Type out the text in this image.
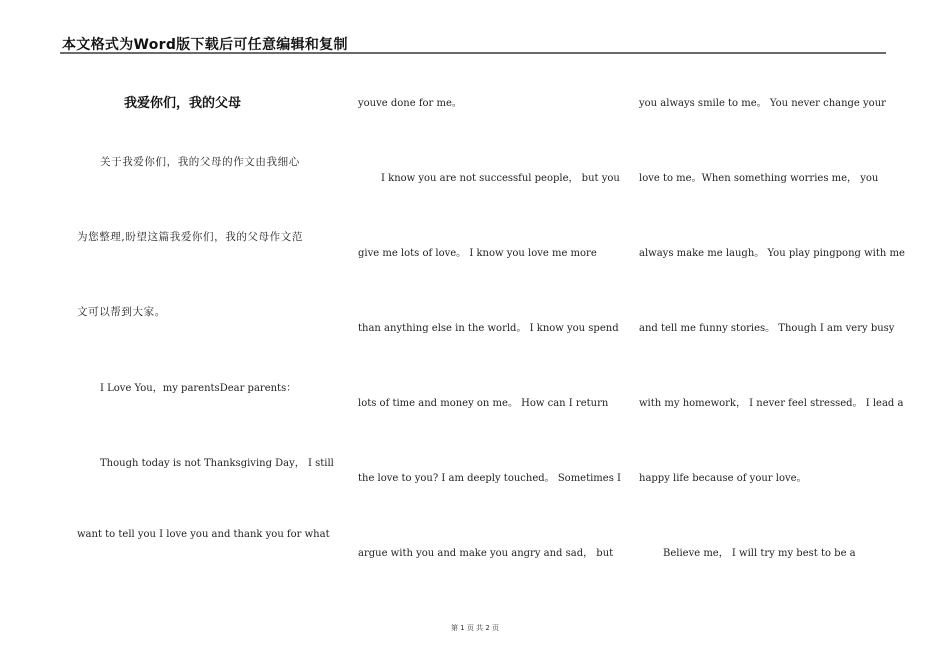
本文格式为Word版下载后可任意编辑和复制
我爱你们，我的父母
关于我爱你们，我的父母的作文由我细心
为您整理,盼望这篇我爱你们，我的父母作文范
文可以帮到大家。
I Love You，my parentsDear parents：
Though today is not Thanksgiving Day， I still
want to tell you I love you and thank you for what
youve done for me。
I know you are not successful people， but you
give me lots of love。 I know you love me more
than anything else in the world。 I know you spend
lots of time and money on me。 How can I return
the love to you? I am deeply touched。 Sometimes I
argue with you and make you angry and sad， but
you always smile to me。 You never change your
love to me。When something worries me， you
always make me laugh。 You play pingpong with me
and tell me funny stories。 Though I am very busy
with my homework， I never feel stressed。 I lead a
happy life because of your love。
Believe me， I will try my best to be a
第 1 页 共 2 页
